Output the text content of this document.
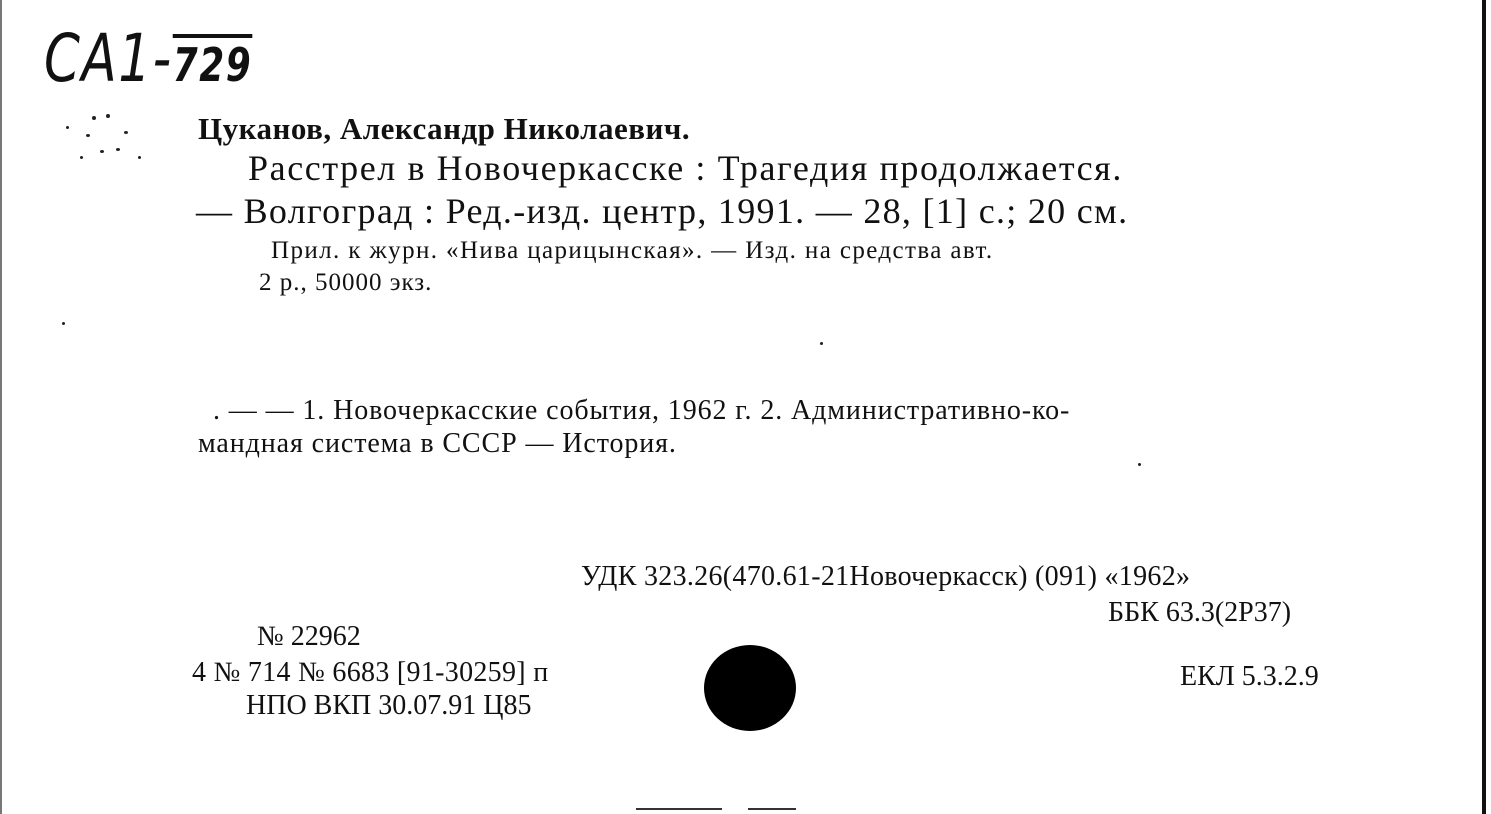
CA1-729
Цуканов, Александр Николаевич.
Расстрел в Новочеркасске : Трагедия продолжается.
— Волгоград : Ред.-изд. центр, 1991. — 28, [1] с.; 20 см.
Прил. к журн. «Нива царицынская». — Изд. на средства авт.
2 р., 50000 экз.
. — — 1. Новочеркасские события, 1962 г. 2. Административно-ко-
мандная система в СССР — История.
УДК 323.26(470.61-21Новочеркасск) (091) «1962»
ББК 63.3(2Р37)
ЕКЛ 5.3.2.9
№ 22962
4 № 714 № 6683 [91-30259] п
НПО ВКП 30.07.91 Ц85
